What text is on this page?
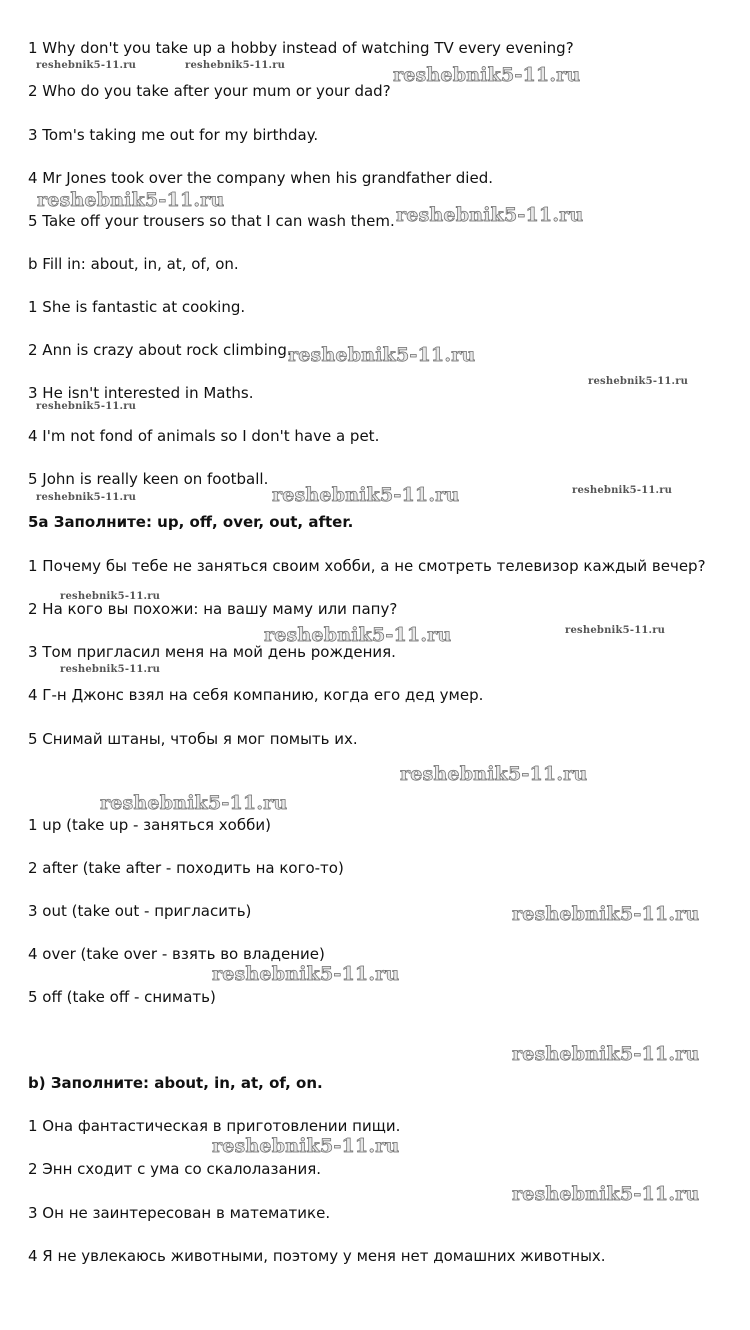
1 Why don't you take up a hobby instead of watching TV every evening?
2 Who do you take after your mum or your dad?
3 Tom's taking me out for my birthday.
4 Mr Jones took over the company when his grandfather died.
5 Take off your trousers so that I can wash them.
b Fill in: about, in, at, of, on.
1 She is fantastic at cooking.
2 Ann is crazy about rock climbing.
3 He isn't interested in Maths.
4 I'm not fond of animals so I don't have a pet.
5 John is really keen on football.
5a Заполните: up, off, over, out, after.
1 Почему бы тебе не заняться своим хобби, а не смотреть телевизор каждый вечер?
2 На кого вы похожи: на вашу маму или папу?
3 Том пригласил меня на мой день рождения.
4 Г-н Джонс взял на себя компанию, когда его дед умер.
5 Снимай штаны, чтобы я мог помыть их.
1 up (take up - заняться хобби)
2 after (take after - походить на кого-то)
3 out (take out - пригласить)
4 over (take over - взять во владение)
5 off (take off - снимать)
b) Заполните: about, in, at, of, on.
1 Она фантастическая в приготовлении пищи.
2 Энн сходит с ума со скалолазания.
3 Он не заинтересован в математике.
4 Я не увлекаюсь животными, поэтому у меня нет домашних животных.
reshebnik5-11.ru	reshebnik5-11.ru	reshebnik5-11.ru
reshebnik5-11.ru
reshebnik5-11.ru
reshebnik5-11.ru
reshebnik5-11.ru
reshebnik5-11.ru
reshebnik5-11.ru	reshebnik5-11.ru	reshebnik5-11.ru
reshebnik5-11.ru
reshebnik5-11.ru	reshebnik5-11.ru
reshebnik5-11.ru
reshebnik5-11.ru
reshebnik5-11.ru
reshebnik5-11.ru
reshebnik5-11.ru
reshebnik5-11.ru
reshebnik5-11.ru
reshebnik5-11.ru
